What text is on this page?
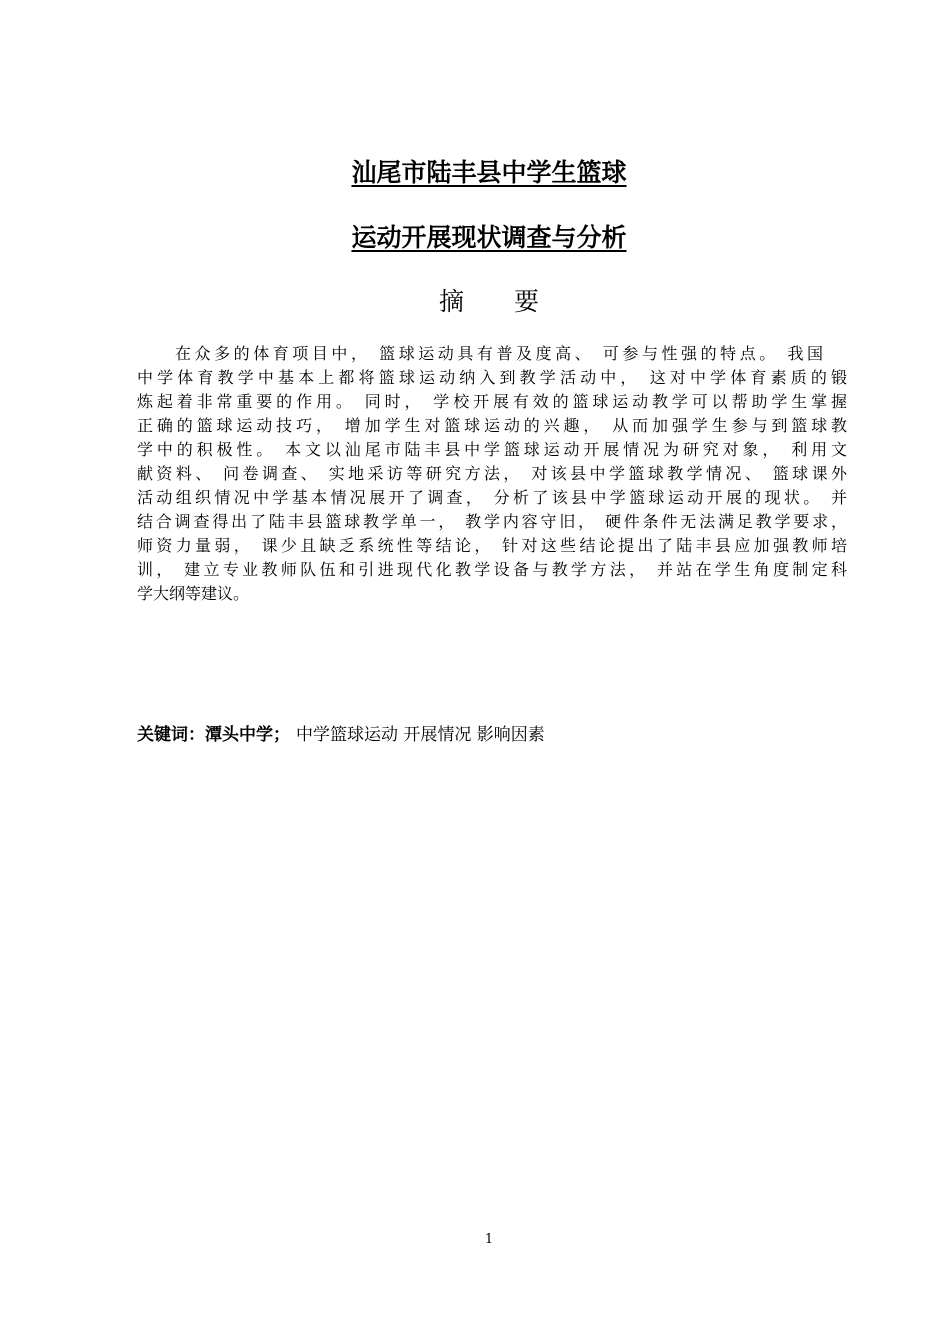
汕尾市陆丰县中学生篮球
运动开展现状调查与分析
摘　　要
在众多的体育项目中， 篮球运动具有普及度高、 可参与性强的特点。 我国
中学体育教学中基本上都将篮球运动纳入到教学活动中， 这对中学体育素质的锻
炼起着非常重要的作用。 同时， 学校开展有效的篮球运动教学可以帮助学生掌握
正确的篮球运动技巧， 增加学生对篮球运动的兴趣， 从而加强学生参与到篮球教
学中的积极性。 本文以汕尾市陆丰县中学篮球运动开展情况为研究对象， 利用文
献资料、 问卷调查、 实地采访等研究方法， 对该县中学篮球教学情况、 篮球课外
活动组织情况中学基本情况展开了调查， 分析了该县中学篮球运动开展的现状。 并
结合调查得出了陆丰县篮球教学单一， 教学内容守旧， 硬件条件无法满足教学要求，
师资力量弱， 课少且缺乏系统性等结论， 针对这些结论提出了陆丰县应加强教师培
训， 建立专业教师队伍和引进现代化教学设备与教学方法， 并站在学生角度制定科
学大纲等建议。
关键词：潭头中学； 中学篮球运动 开展情况 影响因素
1
